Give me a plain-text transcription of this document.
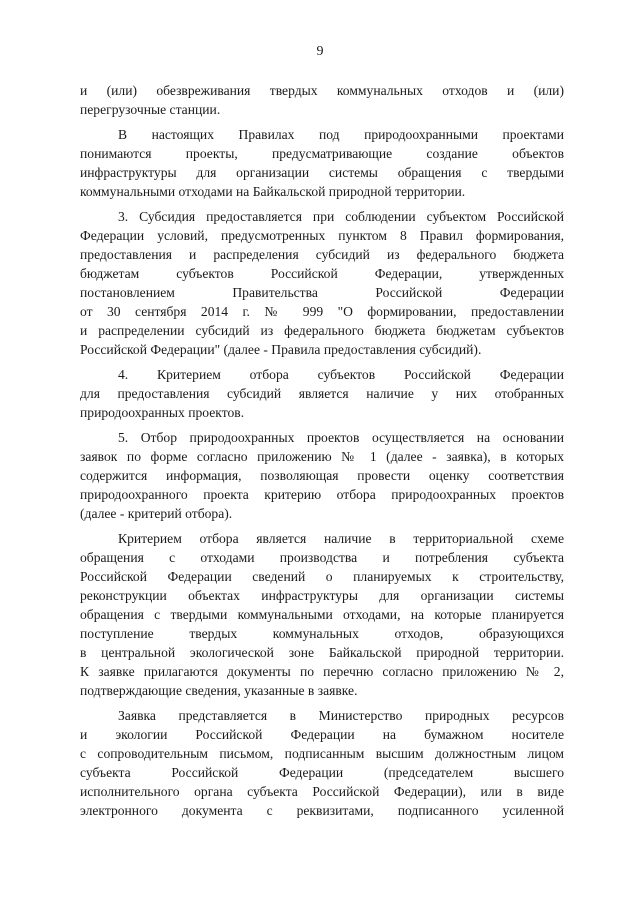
9
и (или) обезвреживания твердых коммунальных отходов и (или)
перегрузочные станции.
В настоящих Правилах под природоохранными проектами
понимаются проекты, предусматривающие создание объектов
инфраструктуры для организации системы обращения с твердыми
коммунальными отходами на Байкальской природной территории.
3. Субсидия предоставляется при соблюдении субъектом Российской
Федерации условий, предусмотренных пунктом 8 Правил формирования,
предоставления и распределения субсидий из федерального бюджета
бюджетам субъектов Российской Федерации, утвержденных
постановлением Правительства Российской Федерации
от 30 сентября 2014 г. № 999 "О формировании, предоставлении
и распределении субсидий из федерального бюджета бюджетам субъектов
Российской Федерации" (далее - Правила предоставления субсидий).
4. Критерием отбора субъектов Российской Федерации
для предоставления субсидий является наличие у них отобранных
природоохранных проектов.
5. Отбор природоохранных проектов осуществляется на основании
заявок по форме согласно приложению № 1 (далее - заявка), в которых
содержится информация, позволяющая провести оценку соответствия
природоохранного проекта критерию отбора природоохранных проектов
(далее - критерий отбора).
Критерием отбора является наличие в территориальной схеме
обращения с отходами производства и потребления субъекта
Российской Федерации сведений о планируемых к строительству,
реконструкции объектах инфраструктуры для организации системы
обращения с твердыми коммунальными отходами, на которые планируется
поступление твердых коммунальных отходов, образующихся
в центральной экологической зоне Байкальской природной территории.
К заявке прилагаются документы по перечню согласно приложению № 2,
подтверждающие сведения, указанные в заявке.
Заявка представляется в Министерство природных ресурсов
и экологии Российской Федерации на бумажном носителе
с сопроводительным письмом, подписанным высшим должностным лицом
субъекта Российской Федерации (председателем высшего
исполнительного органа субъекта Российской Федерации), или в виде
электронного документа с реквизитами, подписанного усиленной
